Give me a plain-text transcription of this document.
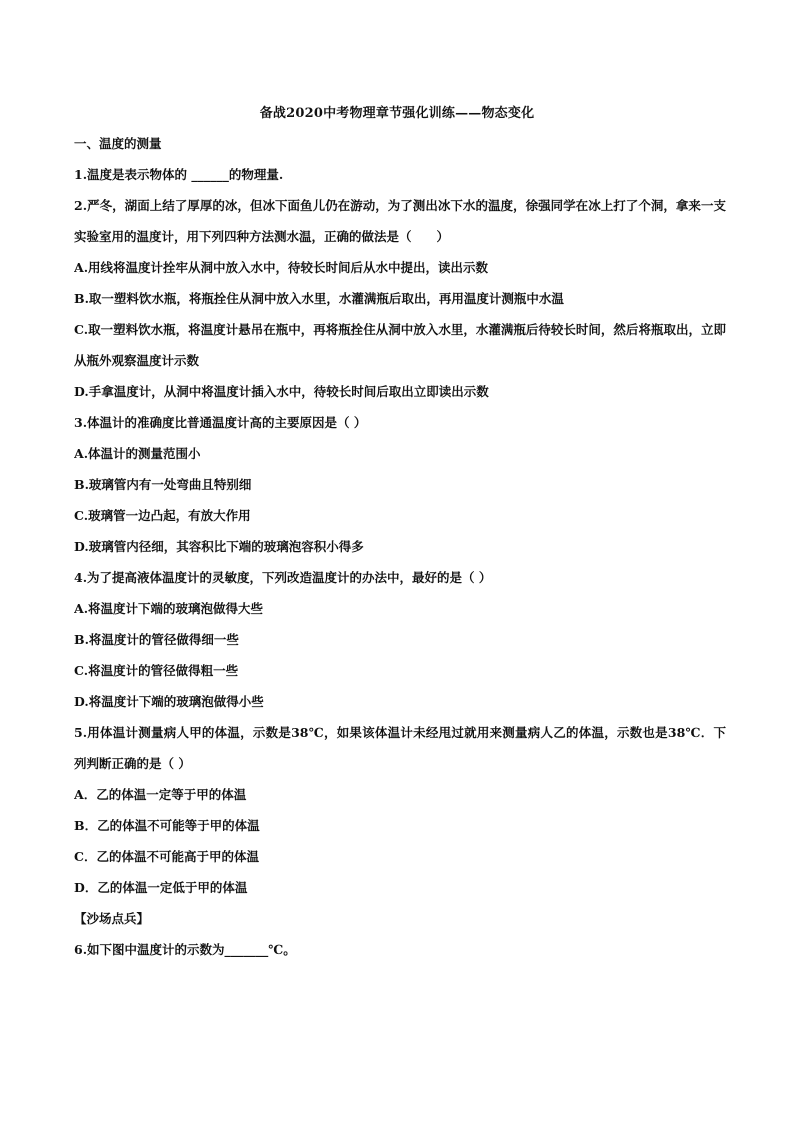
备战2020中考物理章节强化训练——物态变化
一、温度的测量
1.温度是表示物体的 ______的物理量.
2.严冬，湖面上结了厚厚的冰，但冰下面鱼儿仍在游动，为了测出冰下水的温度，徐强同学在冰上打了个洞，拿来一支实验室用的温度计，用下列四种方法测水温，正确的做法是（　　）
A.用线将温度计拴牢从洞中放入水中，待较长时间后从水中提出，读出示数
B.取一塑料饮水瓶，将瓶拴住从洞中放入水里，水灌满瓶后取出，再用温度计测瓶中水温
C.取一塑料饮水瓶，将温度计悬吊在瓶中，再将瓶拴住从洞中放入水里，水灌满瓶后待较长时间，然后将瓶取出，立即从瓶外观察温度计示数
D.手拿温度计，从洞中将温度计插入水中，待较长时间后取出立即读出示数
3.体温计的准确度比普通温度计高的主要原因是（ ）
A.体温计的测量范围小
B.玻璃管内有一处弯曲且特别细
C.玻璃管一边凸起，有放大作用
D.玻璃管内径细，其容积比下端的玻璃泡容积小得多
4.为了提高液体温度计的灵敏度，下列改造温度计的办法中，最好的是（ ）
A.将温度计下端的玻璃泡做得大些
B.将温度计的管径做得细一些
C.将温度计的管径做得粗一些
D.将温度计下端的玻璃泡做得小些
5.用体温计测量病人甲的体温，示数是38℃，如果该体温计未经甩过就用来测量病人乙的体温，示数也是38℃．下列判断正确的是（ ）
A．乙的体温一定等于甲的体温
B．乙的体温不可能等于甲的体温
C．乙的体温不可能高于甲的体温
D．乙的体温一定低于甲的体温
【沙场点兵】
6.如下图中温度计的示数为_______℃。
